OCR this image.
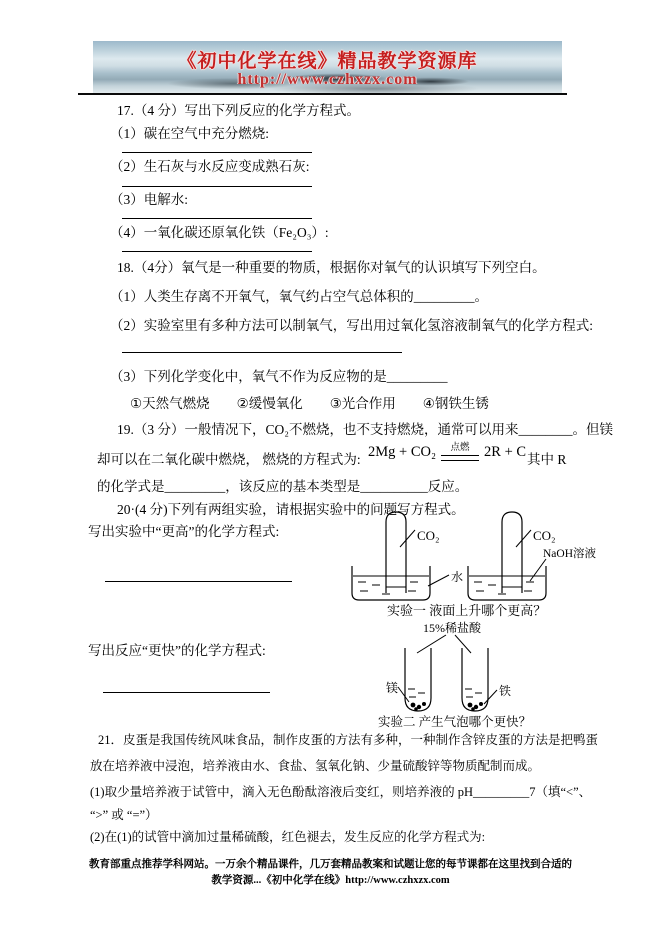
《初中化学在线》精品教学资源库
http://www.czhxzx.com
17.（4 分）写出下列反应的化学方程式。
（1）碳在空气中充分燃烧:
（2）生石灰与水反应变成熟石灰:
（3）电解水:
（4）一氧化碳还原氧化铁（Fe₂O₃）:
18.（4分）氧气是一种重要的物质，根据你对氧气的认识填写下列空白。
（1）人类生存离不开氧气，氧气约占空气总体积的_________。
（2）实验室里有多种方法可以制氧气，写出用过氧化氢溶液制氧气的化学方程式:
（3）下列化学变化中，氧气不作为反应物的是_________
①天然气燃烧　　②缓慢氧化　　③光合作用　　④钢铁生锈
19.（3 分）一般情况下，CO₂不燃烧，也不支持燃烧，通常可以用来________。但镁
却可以在二氧化碳中燃烧， 燃烧的方程式为: 2Mg + CO₂ 点燃 2R + C 其中 R
的化学式是_________，该反应的基本类型是__________反应。
20·(4 分)下列有两组实验，请根据实验中的问题写方程式。
写出实验中“更高”的化学方程式:
写出反应“更快”的化学方程式:
CO₂
水
CO₂
NaOH溶液
实验一 液面上升哪个更高？
15%稀盐酸
镁	铁
实验二 产生气泡哪个更快？
21．皮蛋是我国传统风味食品，制作皮蛋的方法有多种，一种制作含锌皮蛋的方法是把鸭蛋
放在培养液中浸泡，培养液由水、食盐、氢氧化钠、少量硫酸锌等物质配制而成。
(1)取少量培养液于试管中，滴入无色酚酞溶液后变红，则培养液的 pH_________7（填“<”、
“>” 或 “=”）
(2)在(1)的试管中滴加过量稀硫酸，红色褪去，发生反应的化学方程式为:
教育部重点推荐学科网站。一万余个精品课件，几万套精品教案和试题让您的每节课都在这里找到合适的
教学资源...《初中化学在线》http://www.czhxzx.com
